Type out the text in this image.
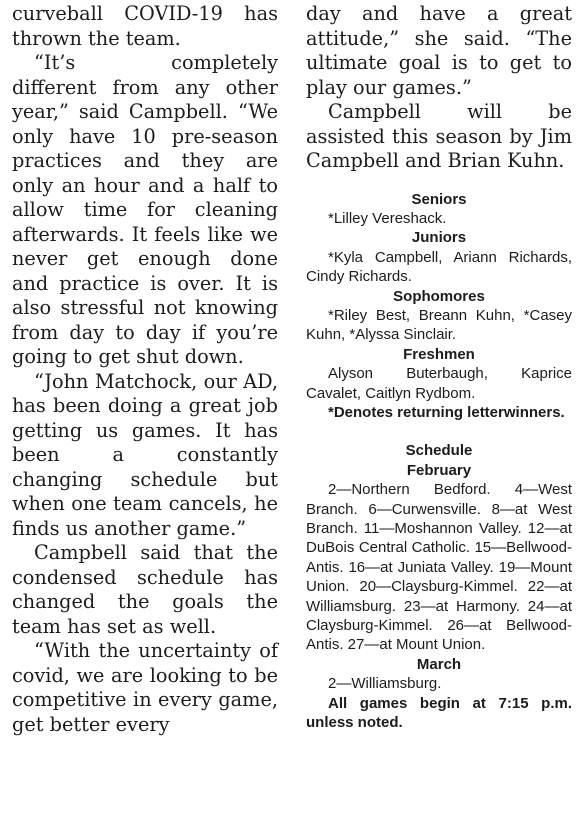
curveball COVID-19 has thrown the team.

“It’s completely different from any other year,” said Campbell. “We only have 10 pre-season practices and they are only an hour and a half to allow time for cleaning afterwards. It feels like we never get enough done and practice is over. It is also stressful not knowing from day to day if you’re going to get shut down.

“John Matchock, our AD, has been doing a great job getting us games. It has been a constantly changing schedule but when one team cancels, he finds us another game.”

Campbell said that the condensed schedule has changed the goals the team has set as well.

“With the uncertainty of covid, we are looking to be competitive in every game, get better every

day and have a great attitude,” she said. “The ultimate goal is to get to play our games.”

Campbell will be assisted this season by Jim Campbell and Brian Kuhn.

Seniors

*Lilley Vereshack.

Juniors

*Kyla Campbell, Ariann Richards, Cindy Richards.

Sophomores

*Riley Best, Breann Kuhn, *Casey Kuhn, *Alyssa Sinclair.

Freshmen

Alyson Buterbaugh, Kaprice Cavalet, Caitlyn Rydbom.

*Denotes returning letterwinners.

Schedule

February

2—Northern Bedford. 4—West Branch. 6—Curwensville. 8—at West Branch. 11—Moshannon Valley. 12—at DuBois Central Catholic. 15—Bellwood-Antis. 16—at Juniata Valley. 19—Mount Union. 20—Claysburg-Kimmel. 22—at Williamsburg. 23—at Harmony. 24—at Claysburg-Kimmel. 26—at Bellwood-Antis. 27—at Mount Union.

March

2—Williamsburg.

All games begin at 7:15 p.m. unless noted.
